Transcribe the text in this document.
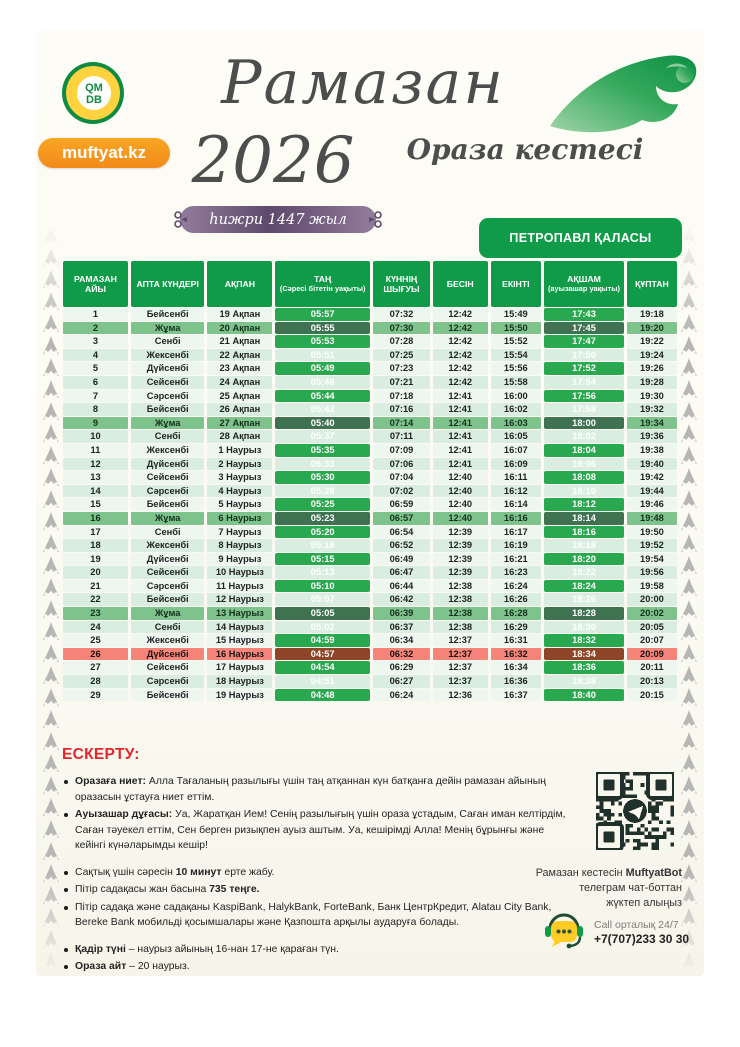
QM
DB
muftyat.kz
Рамазан
2026	Ораза кестесі
һижри 1447 жыл
ПЕТРОПАВЛ ҚАЛАСЫ
РАМАЗАН АЙЫ	АПТА КҮНДЕРІ	АҚПАН	ТАҢ
(Сәресі бітетін уақыты)	КҮННІҢ ШЫҒУЫ	БЕСІН	ЕКІНТІ	АҚШАМ
(ауызашар уақыты)	ҚҰПТАН
1	Бейсенбі	19 Ақпан	05:57	07:32	12:42	15:49	17:43	19:18
2	Жұма	20 Ақпан	05:55	07:30	12:42	15:50	17:45	19:20
3	Сенбі	21 Ақпан	05:53	07:28	12:42	15:52	17:47	19:22
4	Жексенбі	22 Ақпан	05:51	07:25	12:42	15:54	17:50	19:24
5	Дүйсенбі	23 Ақпан	05:49	07:23	12:42	15:56	17:52	19:26
6	Сейсенбі	24 Ақпан	05:46	07:21	12:42	15:58	17:54	19:28
7	Сәрсенбі	25 Ақпан	05:44	07:18	12:41	16:00	17:56	19:30
8	Бейсенбі	26 Ақпан	05:42	07:16	12:41	16:02	17:58	19:32
9	Жұма	27 Ақпан	05:40	07:14	12:41	16:03	18:00	19:34
10	Сенбі	28 Ақпан	05:37	07:11	12:41	16:05	18:02	19:36
11	Жексенбі	1 Наурыз	05:35	07:09	12:41	16:07	18:04	19:38
12	Дүйсенбі	2 Наурыз	05:33	07:06	12:41	16:09	18:06	19:40
13	Сейсенбі	3 Наурыз	05:30	07:04	12:40	16:11	18:08	19:42
14	Сәрсенбі	4 Наурыз	05:28	07:02	12:40	16:12	18:10	19:44
15	Бейсенбі	5 Наурыз	05:25	06:59	12:40	16:14	18:12	19:46
16	Жұма	6 Наурыз	05:23	06:57	12:40	16:16	18:14	19:48
17	Сенбі	7 Наурыз	05:20	06:54	12:39	16:17	18:16	19:50
18	Жексенбі	8 Наурыз	05:18	06:52	12:39	16:19	18:18	19:52
19	Дүйсенбі	9 Наурыз	05:15	06:49	12:39	16:21	18:20	19:54
20	Сейсенбі	10 Наурыз	05:13	06:47	12:39	16:23	18:22	19:56
21	Сәрсенбі	11 Наурыз	05:10	06:44	12:38	16:24	18:24	19:58
22	Бейсенбі	12 Наурыз	05:07	06:42	12:38	16:26	18:26	20:00
23	Жұма	13 Наурыз	05:05	06:39	12:38	16:28	18:28	20:02
24	Сенбі	14 Наурыз	05:02	06:37	12:38	16:29	18:30	20:05
25	Жексенбі	15 Наурыз	04:59	06:34	12:37	16:31	18:32	20:07
26	Дүйсенбі	16 Наурыз	04:57	06:32	12:37	16:32	18:34	20:09
27	Сейсенбі	17 Наурыз	04:54	06:29	12:37	16:34	18:36	20:11
28	Сәрсенбі	18 Наурыз	04:51	06:27	12:37	16:36	18:38	20:13
29	Бейсенбі	19 Наурыз	04:48	06:24	12:36	16:37	18:40	20:15
ЕСКЕРТУ:
Оразаға ниет: Алла Тағаланың разылығы үшін таң атқаннан күн батқанға дейін рамазан айының оразасын ұстауға ниет еттім.
Ауызашар дұғасы: Уа, Жаратқан Ием! Сенің разылығың үшін ораза ұстадым, Саған иман келтірдім, Саған тәуекел еттім, Сен берген ризықпен ауыз аштым. Уа, кешірімді Алла! Менің бұрынғы және кейінгі күнәларымды кешір!
Сақтық үшін сәресін 10 минут ерте жабу.
Пітір садақасы жан басына 735 теңге.
Пітір садақа және садақаны KaspiBank, HalykBank, ForteBank, Банк ЦентрКредит, Alatau City Bank, Bereke Bank мобильді қосымшалары және Қазпошта арқылы аударуға болады.
Қадір түні – наурыз айының 16-нан 17-не қараған түн.
Ораза айт – 20 наурыз.
Рамазан кестесін MuftyatBot
телеграм чат-боттан
жүктеп алыңыз
Call орталық 24/7
+7(707)233 30 30
